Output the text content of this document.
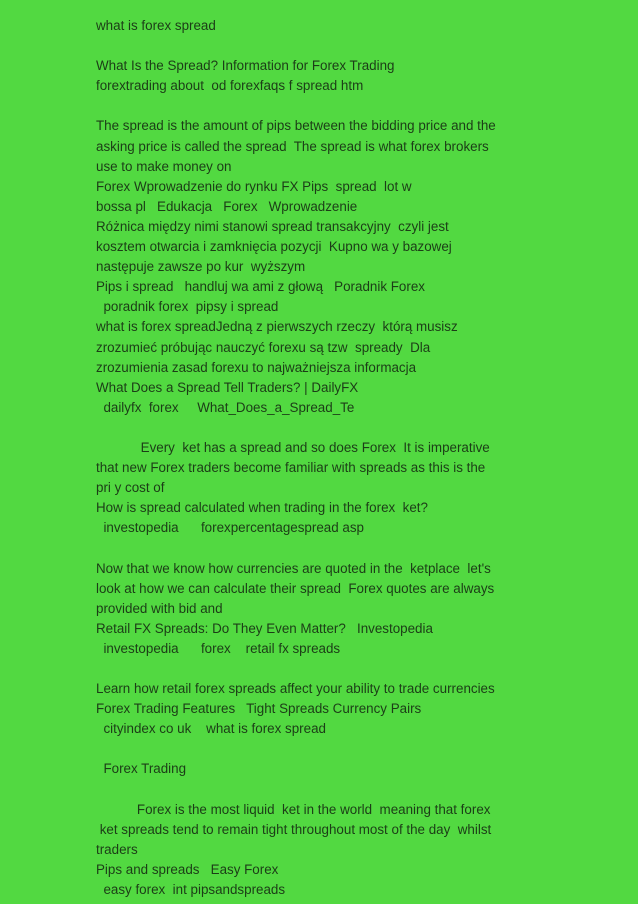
what is forex spread
What Is the Spread? Information for Forex Trading
forextrading about  od forexfaqs f spread htm
The spread is the amount of pips between the bidding price and the
asking price is called the spread  The spread is what forex brokers
use to make money on
Forex Wprowadzenie do rynku FX Pips  spread  lot w
bossa pl   Edukacja   Forex   Wprowadzenie
Różnica między nimi stanowi spread transakcyjny  czyli jest
kosztem otwarcia i zamknięcia pozycji  Kupno wa y bazowej
następuje zawsze po kur  wyższym
Pips i spread   handluj wa ami z głową   Poradnik Forex
poradnik forex  pipsy i spread
what is forex spreadJedną z pierwszych rzeczy  którą musisz
zrozumieć próbując nauczyć forexu są tzw  spready  Dla
zrozumienia zasad forexu to najważniejsza informacja
What Does a Spread Tell Traders? | DailyFX
dailyfx  forex     What_Does_a_Spread_Te
Every  ket has a spread and so does Forex  It is imperative
that new Forex traders become familiar with spreads as this is the
pri y cost of
How is spread calculated when trading in the forex  ket?
investopedia      forexpercentagespread asp
Now that we know how currencies are quoted in the  ketplace  let's
look at how we can calculate their spread  Forex quotes are always
provided with bid and
Retail FX Spreads: Do They Even Matter?   Investopedia
investopedia      forex    retail fx spreads
Learn how retail forex spreads affect your ability to trade currencies
Forex Trading Features   Tight Spreads Currency Pairs
cityindex co uk    what is forex spread
Forex Trading
Forex is the most liquid  ket in the world  meaning that forex
ket spreads tend to remain tight throughout most of the day  whilst
traders
Pips and spreads   Easy Forex
easy forex  int pipsandspreads
